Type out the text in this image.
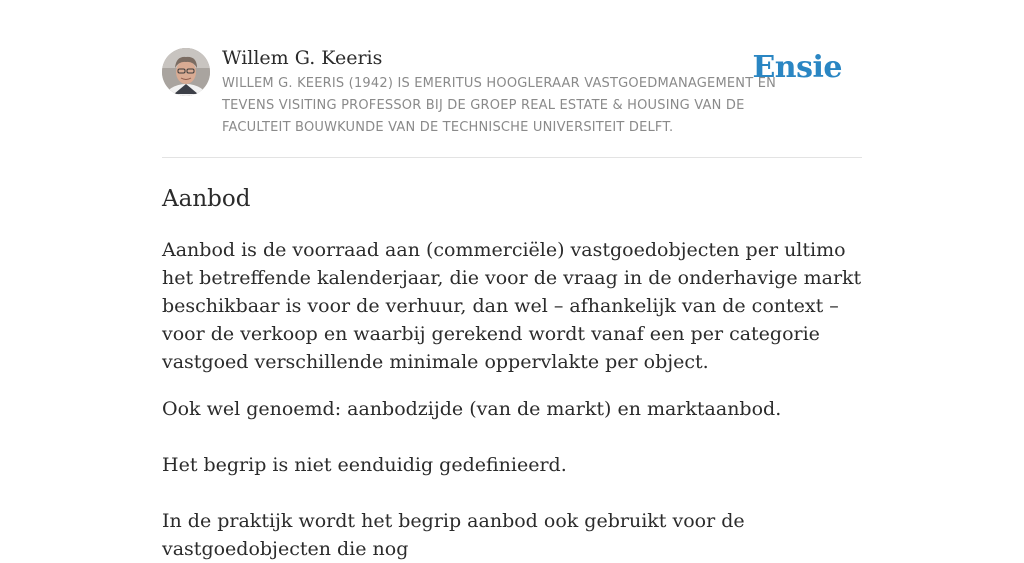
Willem G. Keeris

WILLEM G. KEERIS (1942) IS EMERITUS HOOGLERAAR VASTGOEDMANAGEMENT EN TEVENS VISITING PROFESSOR BIJ DE GROEP REAL ESTATE & HOUSING VAN DE FACULTEIT BOUWKUNDE VAN DE TECHNISCHE UNIVERSITEIT DELFT.

Ensie
Aanbod

Aanbod is de voorraad aan (commerciële) vastgoedobjecten per ultimo het betreffende kalenderjaar, die voor de vraag in de onderhavige markt beschikbaar is voor de verhuur, dan wel – afhankelijk van de context – voor de verkoop en waarbij gerekend wordt vanaf een per categorie vastgoed verschillende minimale oppervlakte per object.

Ook wel genoemd: aanbodzijde (van de markt) en marktaanbod.

Het begrip is niet eenduidig gedefinieerd.

In de praktijk wordt het begrip aanbod ook gebruikt voor de vastgoedobjecten die nog
